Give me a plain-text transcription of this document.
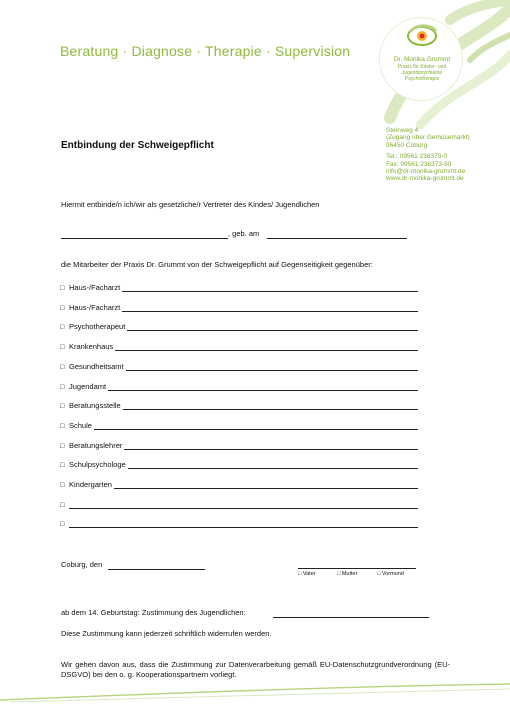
Dr. Monika Grummt
Praxis für Kinder- und
Jugendpsychiatrie
Psychotherapie
Beratung · Diagnose · Therapie · Supervision
Steinweg 4
(Zugang über Gemüsemarkt)
96450 Coburg
Tel.: 09561 238373-0
Fax: 09561 238373-99
info@dr-monika-grummt.de
www.dr-monika-grummt.de
Entbindung der Schweigepflicht
Hiermit entbinde/n ich/wir als gesetzliche/r Vertreter des Kindes/ Jugendlichen
, geb. am
die Mitarbeiter der Praxis Dr. Grummt von der Schweigepflicht auf Gegenseitigkeit gegenüber:
□ Haus-/Facharzt
□ Haus-/Facharzt
□ Psychotherapeut
□ Krankenhaus
□ Gesundheitsamt
□ Jugendamt
□ Beratungsstelle
□ Schule
□ Beratungslehrer
□ Schulpsychologe
□ Kindergarten
□
□
Coburg, den
□ Vater	□ Mutter	□ Vormund
ab dem 14. Geburtstag: Zustimmung des Jugendlichen:
Diese Zustimmung kann jederzeit schriftlich widerrufen werden.
Wir gehen davon aus, dass die Zustimmung zur Datenverarbeitung gemäß EU-Datenschutzgrundverordnung (EU-DSGVO) bei den o. g. Kooperationspartnern vorliegt.
